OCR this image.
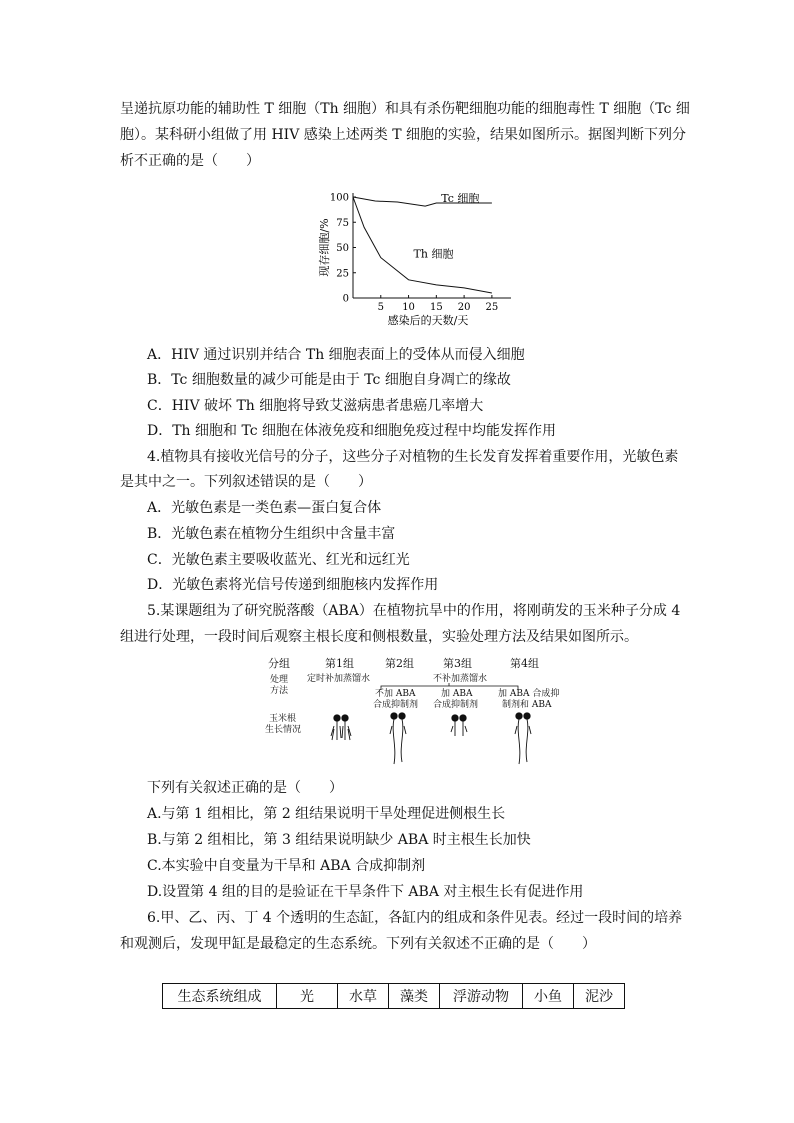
呈递抗原功能的辅助性 T 细胞（Th 细胞）和具有杀伤靶细胞功能的细胞毒性 T 细胞（Tc 细
胞）。某科研小组做了用 HIV 感染上述两类 T 细胞的实验，结果如图所示。据图判断下列分
析不正确的是（　　）
5 10 15 20 25
0
25
50
75
100
感染后的天数/天
现存细胞/%
Tc 细胞
Th 细胞
A．HIV 通过识别并结合 Th 细胞表面上的受体从而侵入细胞
B．Tc 细胞数量的减少可能是由于 Tc 细胞自身凋亡的缘故
C．HIV 破坏 Th 细胞将导致艾滋病患者患癌几率增大
D．Th 细胞和 Tc 细胞在体液免疫和细胞免疫过程中均能发挥作用
4.植物具有接收光信号的分子，这些分子对植物的生长发育发挥着重要作用，光敏色素
是其中之一。下列叙述错误的是（　　）
A．光敏色素是一类色素—蛋白复合体
B．光敏色素在植物分生组织中含量丰富
C．光敏色素主要吸收蓝光、红光和远红光
D．光敏色素将光信号传递到细胞核内发挥作用
5.某课题组为了研究脱落酸（ABA）在植物抗旱中的作用，将刚萌发的玉米种子分成 4
组进行处理，一段时间后观察主根长度和侧根数量，实验处理方法及结果如图所示。
分组	第1组	第2组	第3组	第4组
处理
方法
定时补加蒸馏水	不补加蒸馏水
不加 ABA
合成抑制剂
加 ABA
合成抑制剂
加 ABA 合成抑
制剂和 ABA
玉米根
生长情况
下列有关叙述正确的是（　　）
A.与第 1 组相比，第 2 组结果说明干旱处理促进侧根生长
B.与第 2 组相比，第 3 组结果说明缺少 ABA 时主根生长加快
C.本实验中自变量为干旱和 ABA 合成抑制剂
D.设置第 4 组的目的是验证在干旱条件下 ABA 对主根生长有促进作用
6.甲、乙、丙、丁 4 个透明的生态缸，各缸内的组成和条件见表。经过一段时间的培养
和观测后，发现甲缸是最稳定的生态系统。下列有关叙述不正确的是（　　）
生态系统组成	光	水草	藻类	浮游动物	小鱼	泥沙
